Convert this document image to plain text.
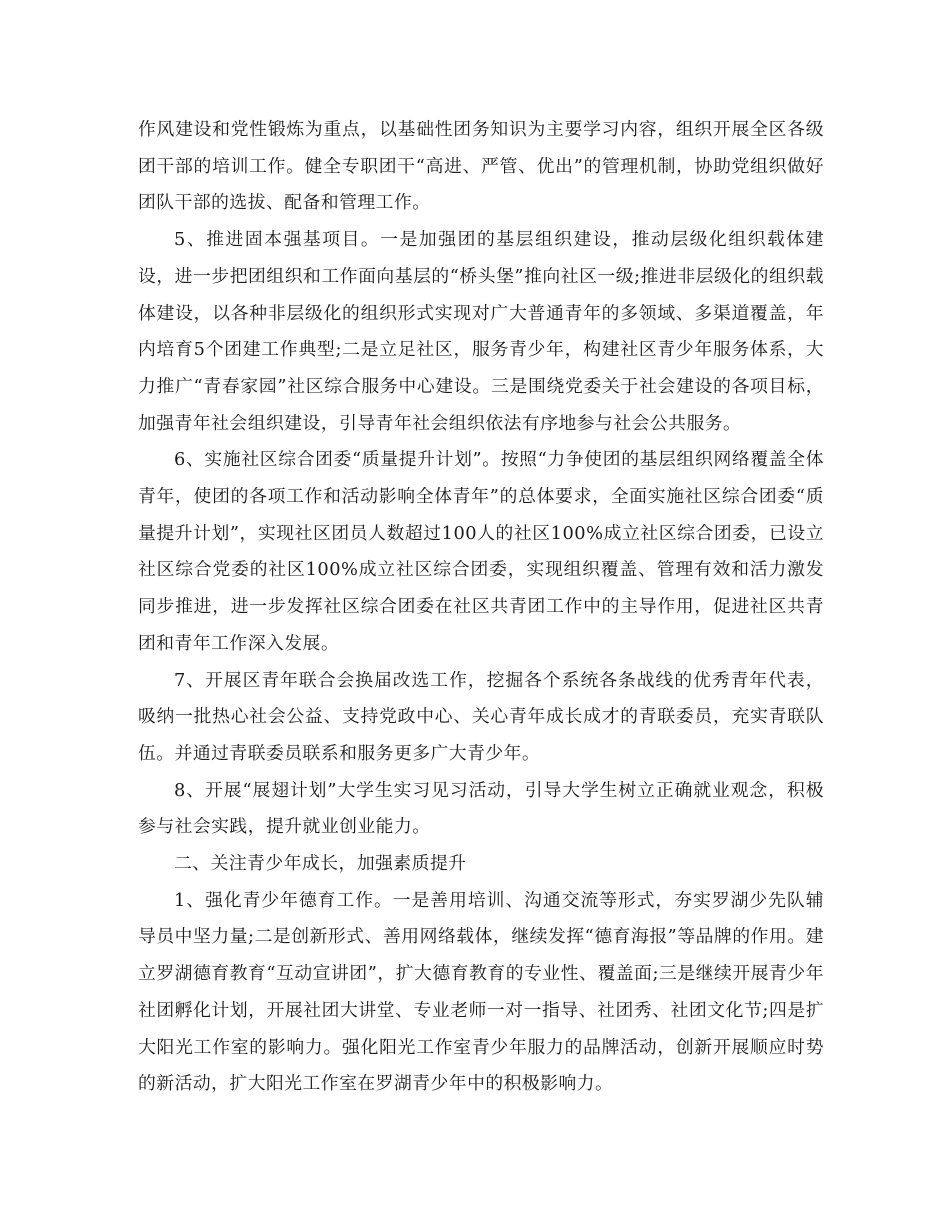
作风建设和党性锻炼为重点，以基础性团务知识为主要学习内容，组织开展全区各级团干部的培训工作。健全专职团干“高进、严管、优出”的管理机制，协助党组织做好团队干部的选拔、配备和管理工作。

5、推进固本强基项目。一是加强团的基层组织建设，推动层级化组织载体建设，进一步把团组织和工作面向基层的“桥头堡”推向社区一级;推进非层级化的组织载体建设，以各种非层级化的组织形式实现对广大普通青年的多领域、多渠道覆盖，年内培育5个团建工作典型;二是立足社区，服务青少年，构建社区青少年服务体系，大力推广“青春家园”社区综合服务中心建设。三是围绕党委关于社会建设的各项目标，加强青年社会组织建设，引导青年社会组织依法有序地参与社会公共服务。

6、实施社区综合团委“质量提升计划”。按照“力争使团的基层组织网络覆盖全体青年，使团的各项工作和活动影响全体青年”的总体要求，全面实施社区综合团委“质量提升计划”，实现社区团员人数超过100人的社区100%成立社区综合团委，已设立社区综合党委的社区100%成立社区综合团委，实现组织覆盖、管理有效和活力激发同步推进，进一步发挥社区综合团委在社区共青团工作中的主导作用，促进社区共青团和青年工作深入发展。

7、开展区青年联合会换届改选工作，挖掘各个系统各条战线的优秀青年代表，吸纳一批热心社会公益、支持党政中心、关心青年成长成才的青联委员，充实青联队伍。并通过青联委员联系和服务更多广大青少年。

8、开展“展翅计划”大学生实习见习活动，引导大学生树立正确就业观念，积极参与社会实践，提升就业创业能力。

二、关注青少年成长，加强素质提升

1、强化青少年德育工作。一是善用培训、沟通交流等形式，夯实罗湖少先队辅导员中坚力量;二是创新形式、善用网络载体，继续发挥“德育海报”等品牌的作用。建立罗湖德育教育“互动宣讲团”，扩大德育教育的专业性、覆盖面;三是继续开展青少年社团孵化计划，开展社团大讲堂、专业老师一对一指导、社团秀、社团文化节;四是扩大阳光工作室的影响力。强化阳光工作室青少年服力的品牌活动，创新开展顺应时势的新活动，扩大阳光工作室在罗湖青少年中的积极影响力。
